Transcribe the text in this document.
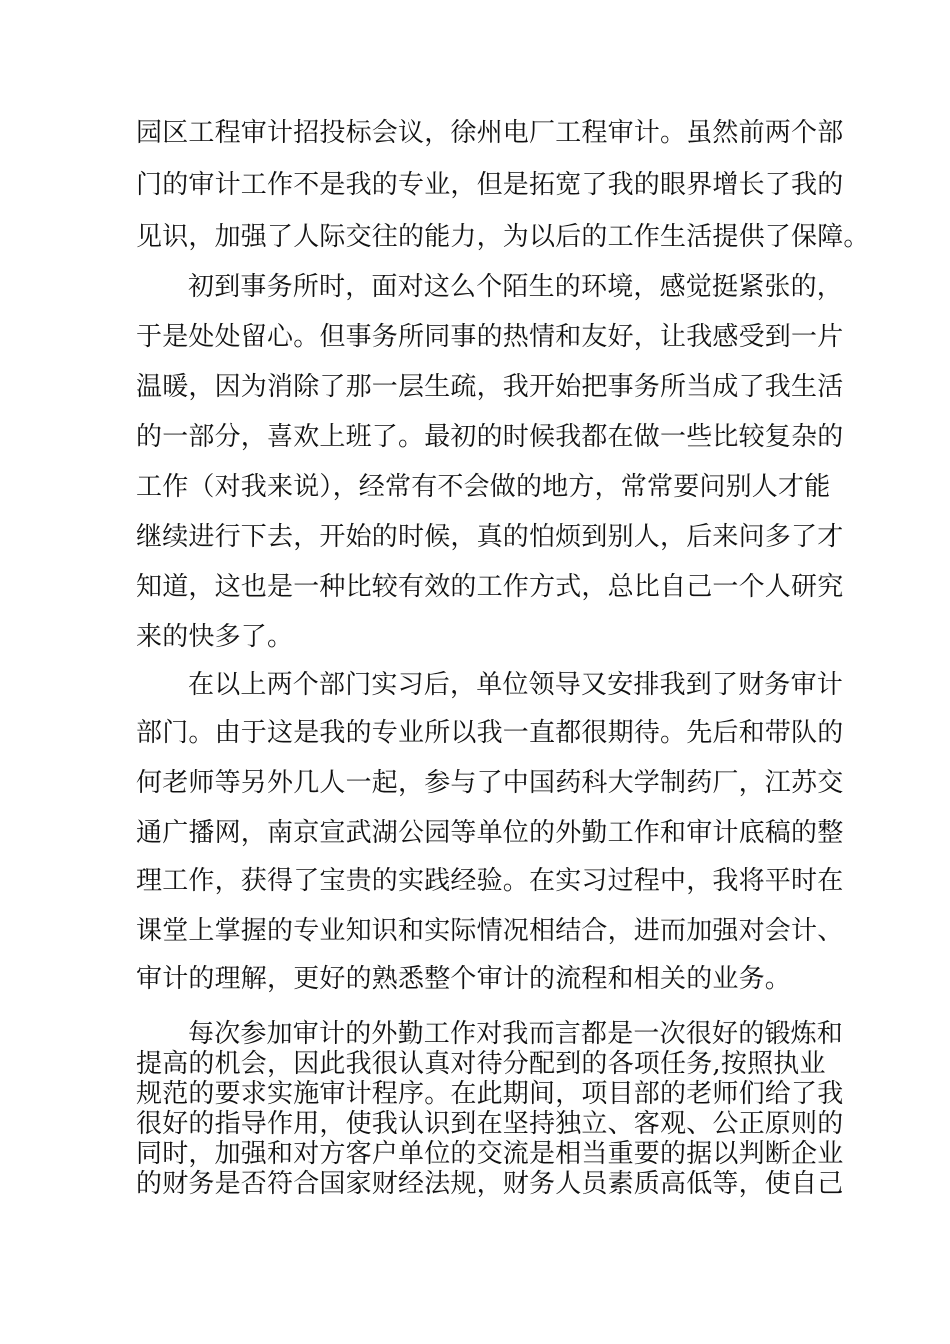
园区工程审计招投标会议，徐州电厂工程审计。虽然前两个部
门的审计工作不是我的专业，但是拓宽了我的眼界增长了我的
见识，加强了人际交往的能力，为以后的工作生活提供了保障。
初到事务所时，面对这么个陌生的环境，感觉挺紧张的，
于是处处留心。但事务所同事的热情和友好，让我感受到一片
温暖，因为消除了那一层生疏，我开始把事务所当成了我生活
的一部分，喜欢上班了。最初的时候我都在做一些比较复杂的
工作（对我来说），经常有不会做的地方，常常要问别人才能
继续进行下去，开始的时候，真的怕烦到别人，后来问多了才
知道，这也是一种比较有效的工作方式，总比自己一个人研究
来的快多了。
在以上两个部门实习后，单位领导又安排我到了财务审计
部门。由于这是我的专业所以我一直都很期待。先后和带队的
何老师等另外几人一起，参与了中国药科大学制药厂，江苏交
通广播网，南京宣武湖公园等单位的外勤工作和审计底稿的整
理工作，获得了宝贵的实践经验。在实习过程中，我将平时在
课堂上掌握的专业知识和实际情况相结合，进而加强对会计、
审计的理解，更好的熟悉整个审计的流程和相关的业务。
每次参加审计的外勤工作对我而言都是一次很好的锻炼和
提高的机会，因此我很认真对待分配到的各项任务,按照执业
规范的要求实施审计程序。在此期间，项目部的老师们给了我
很好的指导作用，使我认识到在坚持独立、客观、公正原则的
同时，加强和对方客户单位的交流是相当重要的据以判断企业
的财务是否符合国家财经法规，财务人员素质高低等，使自己
